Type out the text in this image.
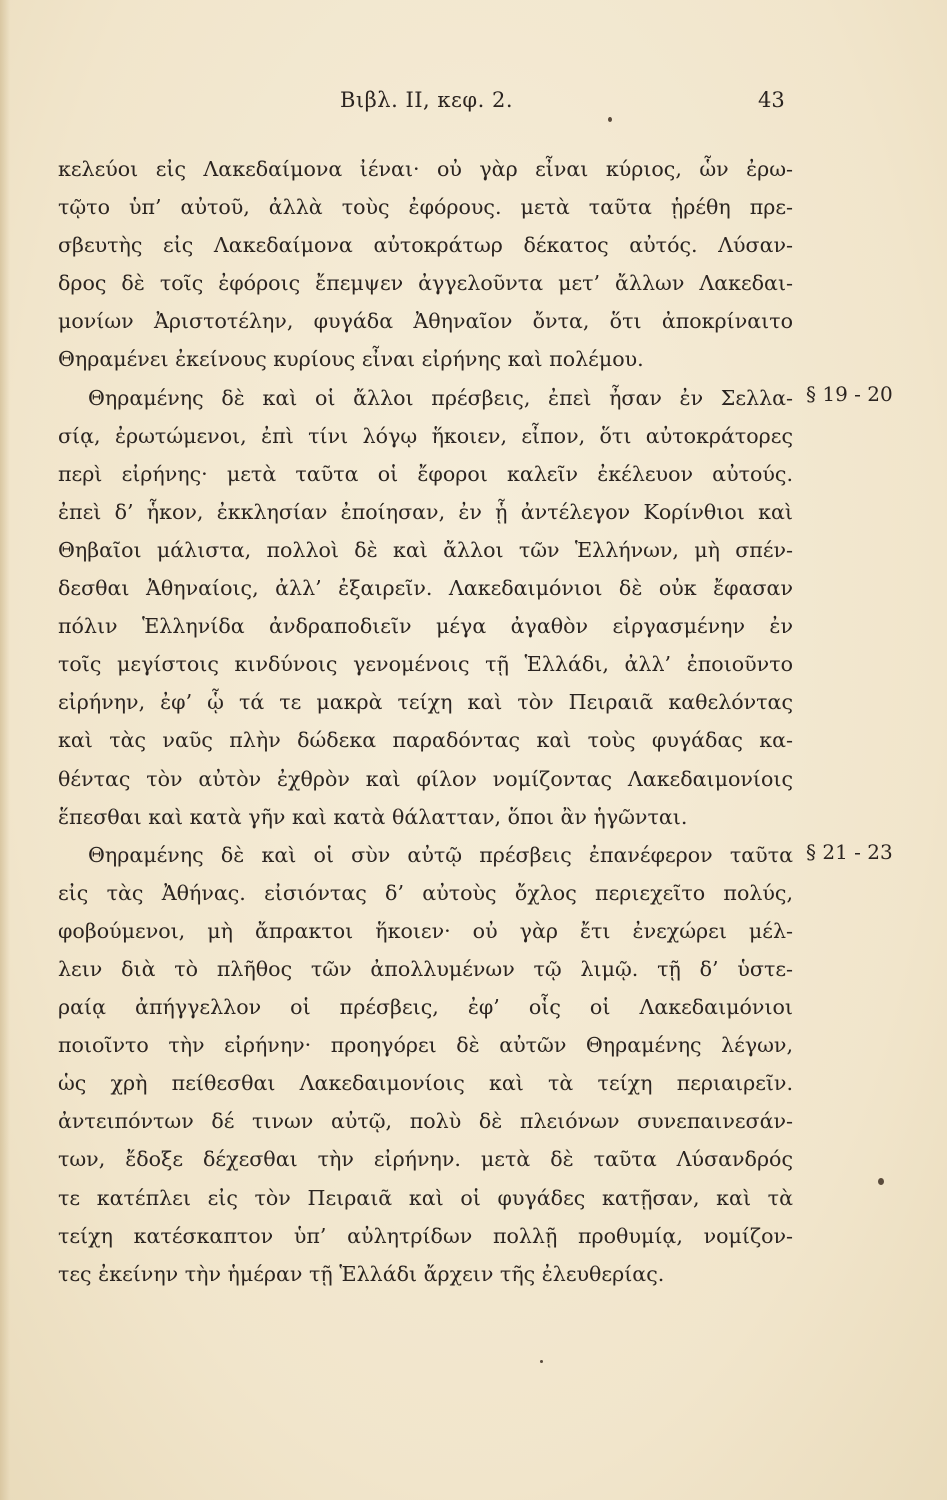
Βιβλ. II, κεφ. 2.	43
κελεύοι εἰς Λακεδαίμονα ἰέναι· οὐ γὰρ εἶναι κύριος, ὧν ἐρω-
τῷτο ὑπ’ αὐτοῦ, ἀλλὰ τοὺς ἐφόρους. μετὰ ταῦτα ᾑρέθη πρε-
σβευτὴς εἰς Λακεδαίμονα αὐτοκράτωρ δέκατος αὐτός. Λύσαν-
δρος δὲ τοῖς ἐφόροις ἔπεμψεν ἀγγελοῦντα μετ’ ἄλλων Λακεδαι-
μονίων Ἀριστοτέλην, φυγάδα Ἀθηναῖον ὄντα, ὅτι ἀποκρίναιτο
Θηραμένει ἐκείνους κυρίους εἶναι εἰρήνης καὶ πολέμου.
Θηραμένης δὲ καὶ οἱ ἄλλοι πρέσβεις, ἐπεὶ ἦσαν ἐν Σελλα-
σίᾳ, ἐρωτώμενοι, ἐπὶ τίνι λόγῳ ἥκοιεν, εἶπον, ὅτι αὐτοκράτορες
περὶ εἰρήνης· μετὰ ταῦτα οἱ ἔφοροι καλεῖν ἐκέλευον αὐτούς.
ἐπεὶ δ’ ἧκον, ἐκκλησίαν ἐποίησαν, ἐν ᾗ ἀντέλεγον Κορίνθιοι καὶ
Θηβαῖοι μάλιστα, πολλοὶ δὲ καὶ ἄλλοι τῶν Ἑλλήνων, μὴ σπέν-
δεσθαι Ἀθηναίοις, ἀλλ’ ἐξαιρεῖν. Λακεδαιμόνιοι δὲ οὐκ ἔφασαν
πόλιν Ἑλληνίδα ἀνδραποδιεῖν μέγα ἀγαθὸν εἰργασμένην ἐν
τοῖς μεγίστοις κινδύνοις γενομένοις τῇ Ἑλλάδι, ἀλλ’ ἐποιοῦντο
εἰρήνην, ἐφ’ ᾧ τά τε μακρὰ τείχη καὶ τὸν Πειραιᾶ καθελόντας
καὶ τὰς ναῦς πλὴν δώδεκα παραδόντας καὶ τοὺς φυγάδας κα-
θέντας τὸν αὐτὸν ἐχθρὸν καὶ φίλον νομίζοντας Λακεδαιμονίοις
ἕπεσθαι καὶ κατὰ γῆν καὶ κατὰ θάλατταν, ὅποι ἂν ἡγῶνται.
Θηραμένης δὲ καὶ οἱ σὺν αὐτῷ πρέσβεις ἐπανέφερον ταῦτα
εἰς τὰς Ἀθήνας. εἰσιόντας δ’ αὐτοὺς ὄχλος περιεχεῖτο πολύς,
φοβούμενοι, μὴ ἄπρακτοι ἥκοιεν· οὐ γὰρ ἔτι ἐνεχώρει μέλ-
λειν διὰ τὸ πλῆθος τῶν ἀπολλυμένων τῷ λιμῷ. τῇ δ’ ὑστε-
ραίᾳ ἀπήγγελλον οἱ πρέσβεις, ἐφ’ οἷς οἱ Λακεδαιμόνιοι
ποιοῖντο τὴν εἰρήνην· προηγόρει δὲ αὐτῶν Θηραμένης λέγων,
ὡς χρὴ πείθεσθαι Λακεδαιμονίοις καὶ τὰ τείχη περιαιρεῖν.
ἀντειπόντων δέ τινων αὐτῷ, πολὺ δὲ πλειόνων συνεπαινεσάν-
των, ἔδοξε δέχεσθαι τὴν εἰρήνην. μετὰ δὲ ταῦτα Λύσανδρός
τε κατέπλει εἰς τὸν Πειραιᾶ καὶ οἱ φυγάδες κατῇσαν, καὶ τὰ
τείχη κατέσκαπτον ὑπ’ αὐλητρίδων πολλῇ προθυμίᾳ, νομίζον-
τες ἐκείνην τὴν ἡμέραν τῇ Ἑλλάδι ἄρχειν τῆς ἐλευθερίας.
§ 19 - 20
§ 21 - 23
